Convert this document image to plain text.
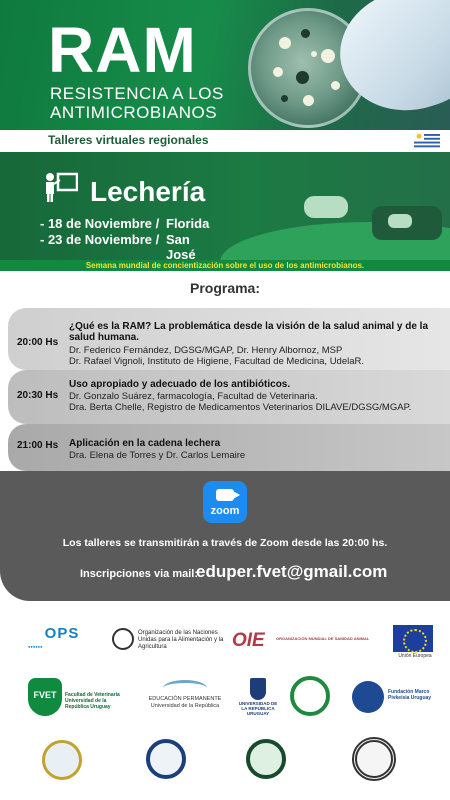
RAM
RESISTENCIA A LOS
ANTIMICROBIANOS
Talleres virtuales regionales
Lechería
- 18 de Noviembre / Florida
- 23 de Noviembre / San José
Semana mundial de concientización sobre el uso de los antimicrobianos.
Programa:
20:00 Hs
¿Qué es la RAM? La problemática desde la visión de la salud animal y de la salud humana.
Dr. Federico Fernández, DGSG/MGAP, Dr. Henry Albornoz, MSP
Dr. Rafael Vignoli, Instituto de Higiene, Facultad de Medicina, UdelaR.
20:30 Hs
Uso apropiado y adecuado de los antibióticos.
Dr. Gonzalo Suárez, farmacología, Facultad de Veterinaria.
Dra. Berta Chelle, Registro de Medicamentos Veterinarios DILAVE/DGSG/MGAP.
21:00 Hs Aplicación en la cadena lechera
Dra. Elena de Torres y Dr. Carlos Lemaire
zoom
Los talleres se transmitirán a través de Zoom desde las 20:00 hs.
Inscripciones via mail:
eduper.fvet@gmail.com
OPS
●●●●●●
Organización de las Naciones Unidas para la Alimentación y la Agricultura	OIE	ORGANIZACIÓN MUNDIAL DE SANIDAD ANIMAL
Unión Europea
FVET	Facultad de Veterinaria Universidad de la República Uruguay
EDUCACIÓN PERMANENTE Universidad de la República	UNIVERSIDAD DE LA REPÚBLICA URUGUAY
Fundación Marco Pivkeisia Uruguay
